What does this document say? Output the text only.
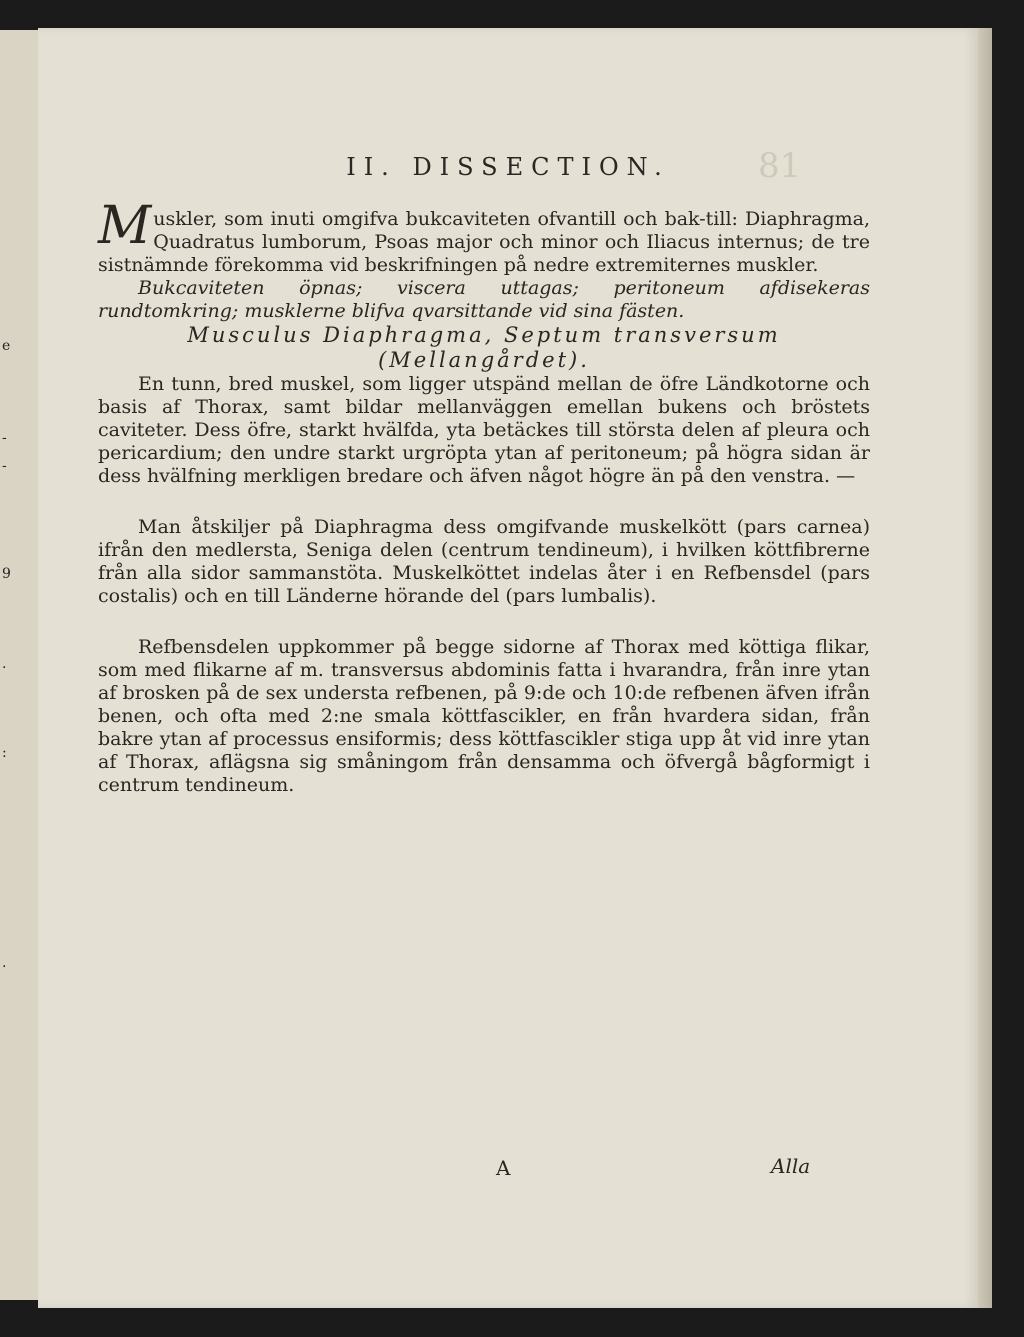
e
-
-
9
.
:
.
81
II. DISSECTION.

Muskler, som inuti omgifva bukcaviteten ofvantill och bak-till: Diaphragma, Quadratus lumborum, Psoas major och minor och Iliacus internus; de tre sistnämnde förekomma vid beskrifningen på nedre extremiternes muskler.

Bukcaviteten öpnas; viscera uttagas; peritoneum afdisekeras rundtomkring; musklerne blifva qvarsittande vid sina fästen.

Musculus Diaphragma, Septum transversum
(Mellangårdet).

En tunn, bred muskel, som ligger utspänd mellan de öfre Ländkotorne och basis af Thorax, samt bildar mellanväggen emellan bukens och bröstets caviteter. Dess öfre, starkt hvälfda, yta betäckes till största delen af pleura och pericardium; den undre starkt urgröpta ytan af peritoneum; på högra sidan är dess hvälfning merkligen bredare och äfven något högre än på den venstra. —

Man åtskiljer på Diaphragma dess omgifvande muskelkött (pars carnea) ifrån den medlersta, Seniga delen (centrum tendineum), i hvilken köttfibrerne från alla sidor sammanstöta. Muskelköttet indelas åter i en Refbensdel (pars costalis) och en till Länderne hörande del (pars lumbalis).

Refbensdelen uppkommer på begge sidorne af Thorax med köttiga flikar, som med flikarne af m. transversus abdominis fatta i hvarandra, från inre ytan af brosken på de sex understa refbenen, på 9:de och 10:de refbenen äfven ifrån benen, och ofta med 2:ne smala köttfascikler, en från hvardera sidan, från bakre ytan af processus ensiformis; dess köttfascikler stiga upp åt vid inre ytan af Thorax, aflägsna sig småningom från densamma och öfvergå bågformigt i centrum tendineum.

A	Alla
